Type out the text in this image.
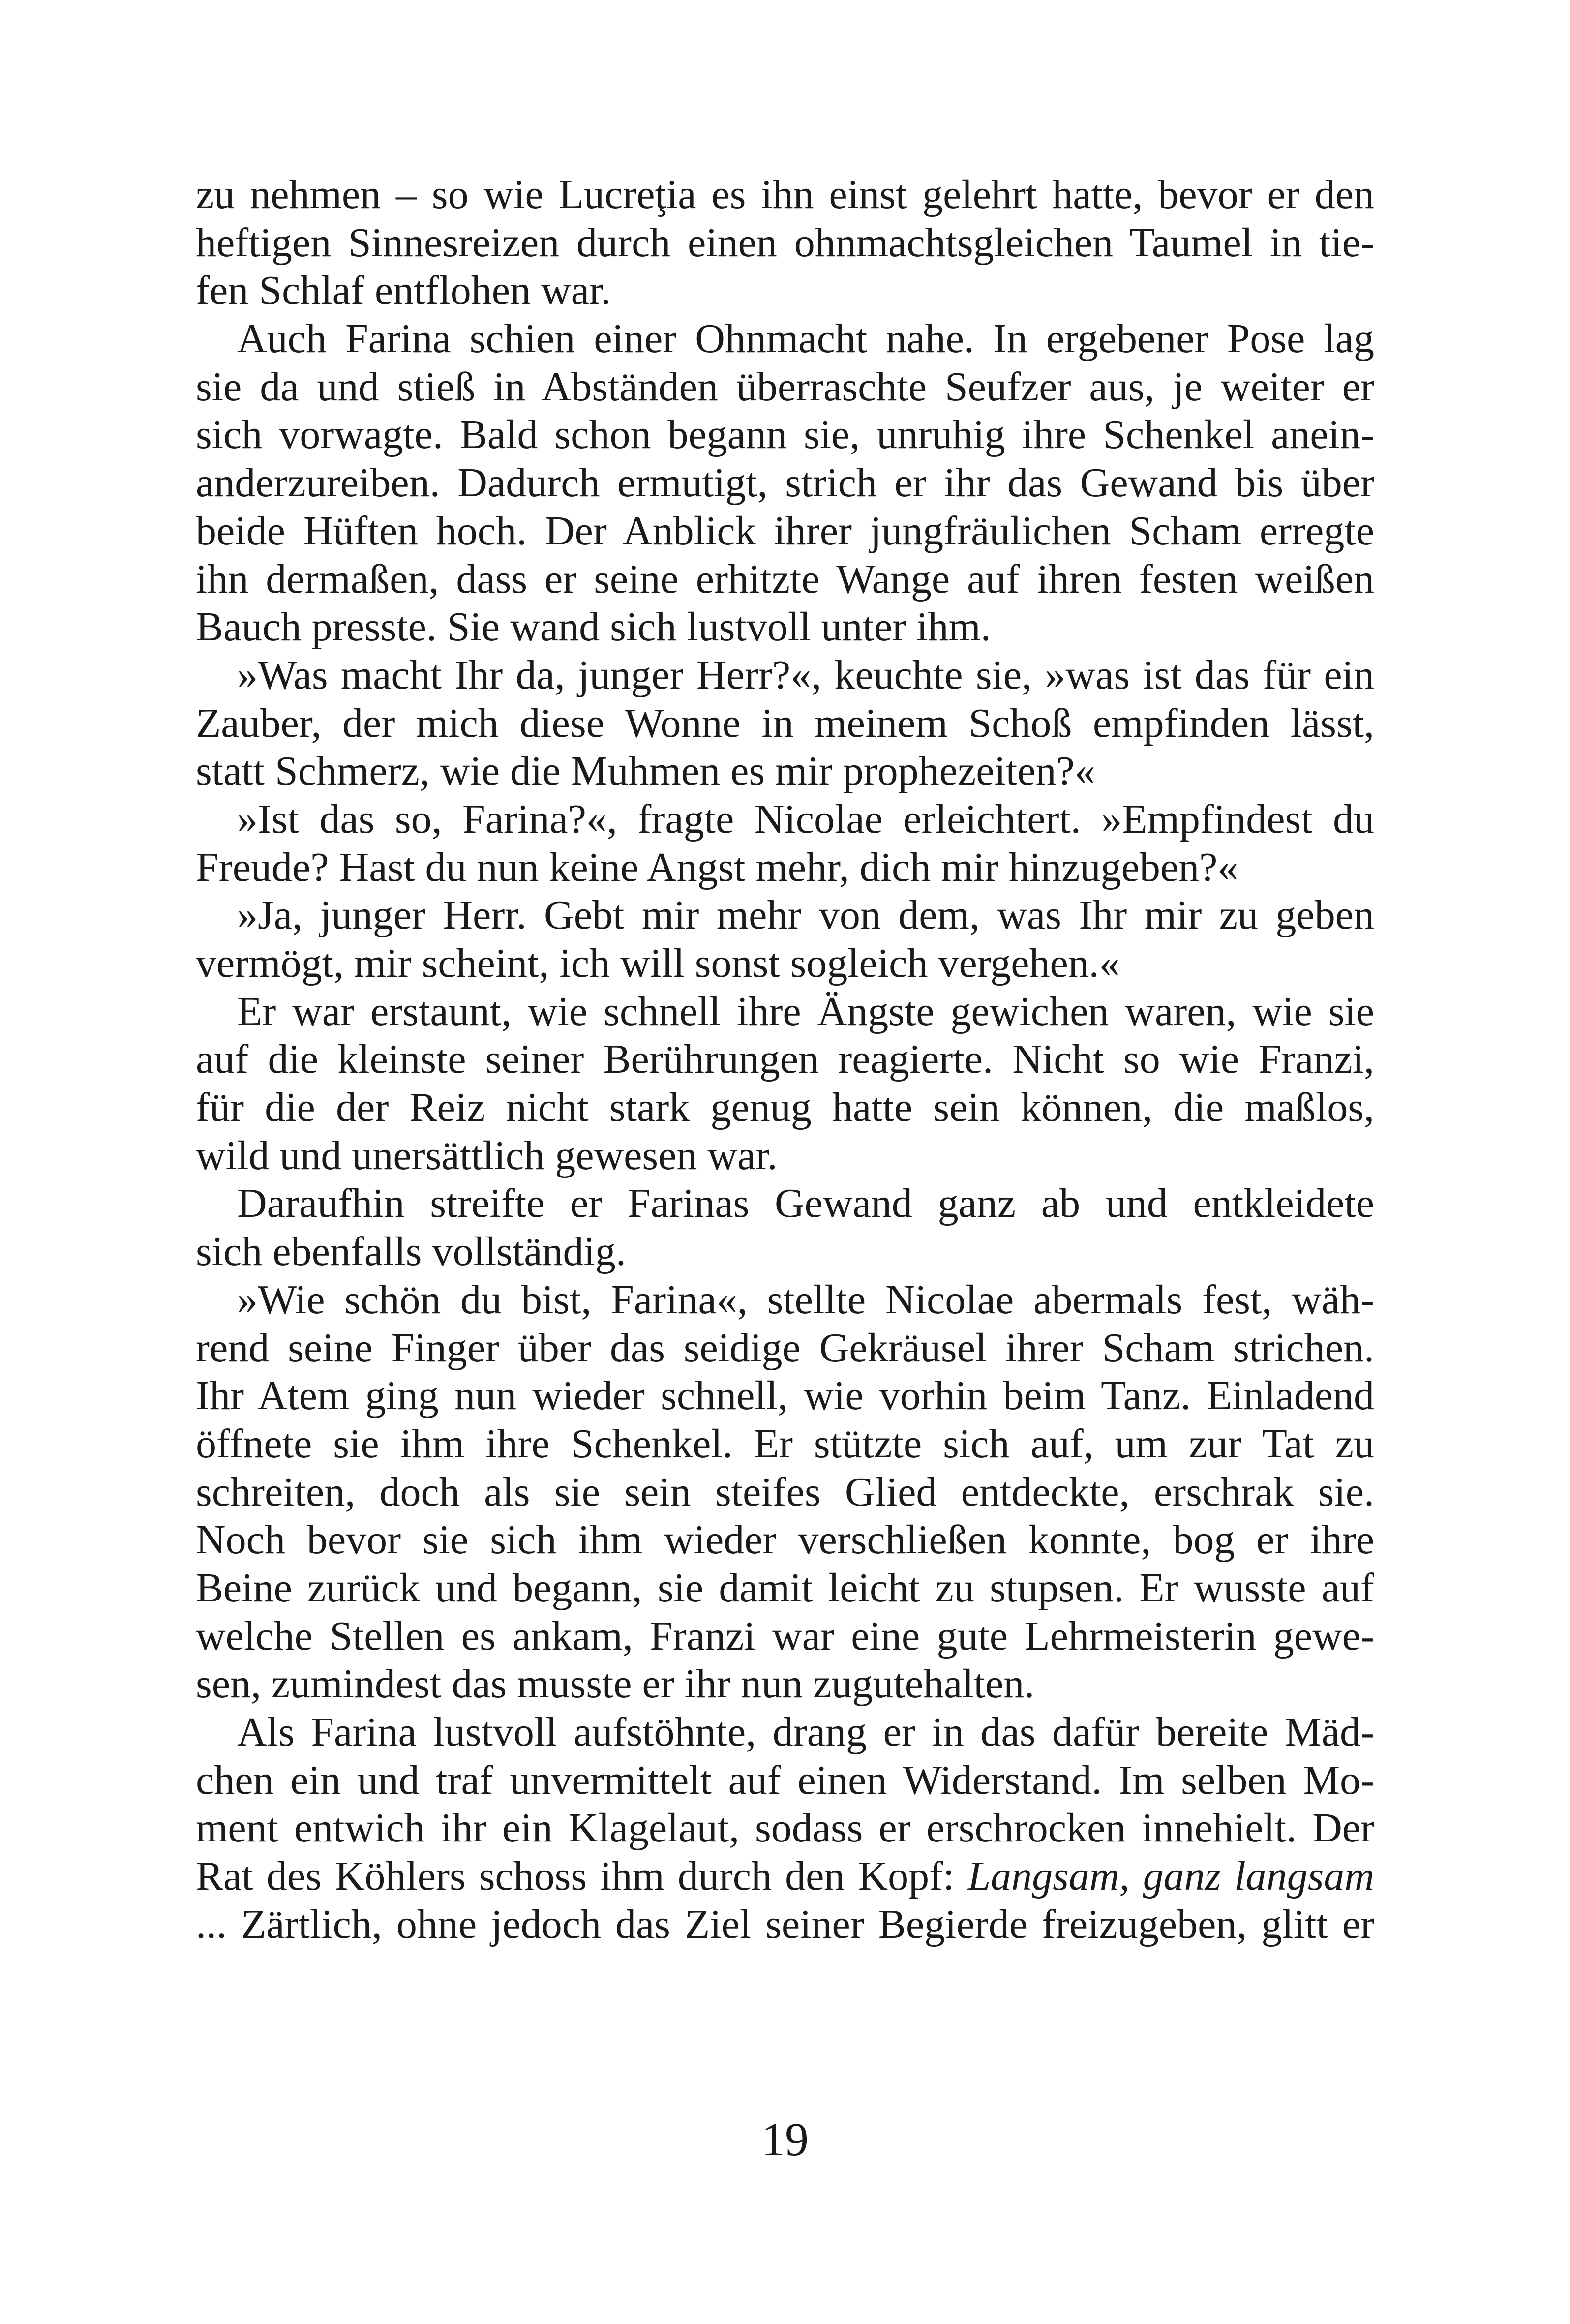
zu nehmen – so wie Lucreţia es ihn einst gelehrt hatte, bevor er den
heftigen Sinnesreizen durch einen ohnmachtsgleichen Taumel in tie-
fen Schlaf entflohen war.
Auch Farina schien einer Ohnmacht nahe. In ergebener Pose lag
sie da und stieß in Abständen überraschte Seufzer aus, je weiter er
sich vorwagte. Bald schon begann sie, unruhig ihre Schenkel anein-
anderzureiben. Dadurch ermutigt, strich er ihr das Gewand bis über
beide Hüften hoch. Der Anblick ihrer jungfräulichen Scham erregte
ihn dermaßen, dass er seine erhitzte Wange auf ihren festen weißen
Bauch presste. Sie wand sich lustvoll unter ihm.
»Was macht Ihr da, junger Herr?«, keuchte sie, »was ist das für ein
Zauber, der mich diese Wonne in meinem Schoß empfinden lässt,
statt Schmerz, wie die Muhmen es mir prophezeiten?«
»Ist das so, Farina?«, fragte Nicolae erleichtert. »Empfindest du
Freude? Hast du nun keine Angst mehr, dich mir hinzugeben?«
»Ja, junger Herr. Gebt mir mehr von dem, was Ihr mir zu geben
vermögt, mir scheint, ich will sonst sogleich vergehen.«
Er war erstaunt, wie schnell ihre Ängste gewichen waren, wie sie
auf die kleinste seiner Berührungen reagierte. Nicht so wie Franzi,
für die der Reiz nicht stark genug hatte sein können, die maßlos,
wild und unersättlich gewesen war.
Daraufhin streifte er Farinas Gewand ganz ab und entkleidete
sich ebenfalls vollständig.
»Wie schön du bist, Farina«, stellte Nicolae abermals fest, wäh-
rend seine Finger über das seidige Gekräusel ihrer Scham strichen.
Ihr Atem ging nun wieder schnell, wie vorhin beim Tanz. Einladend
öffnete sie ihm ihre Schenkel. Er stützte sich auf, um zur Tat zu
schreiten, doch als sie sein steifes Glied entdeckte, erschrak sie.
Noch bevor sie sich ihm wieder verschließen konnte, bog er ihre
Beine zurück und begann, sie damit leicht zu stupsen. Er wusste auf
welche Stellen es ankam, Franzi war eine gute Lehrmeisterin gewe-
sen, zumindest das musste er ihr nun zugutehalten.
Als Farina lustvoll aufstöhnte, drang er in das dafür bereite Mäd-
chen ein und traf unvermittelt auf einen Widerstand. Im selben Mo-
ment entwich ihr ein Klagelaut, sodass er erschrocken innehielt. Der
Rat des Köhlers schoss ihm durch den Kopf: Langsam, ganz langsam
... Zärtlich, ohne jedoch das Ziel seiner Begierde freizugeben, glitt er
19
